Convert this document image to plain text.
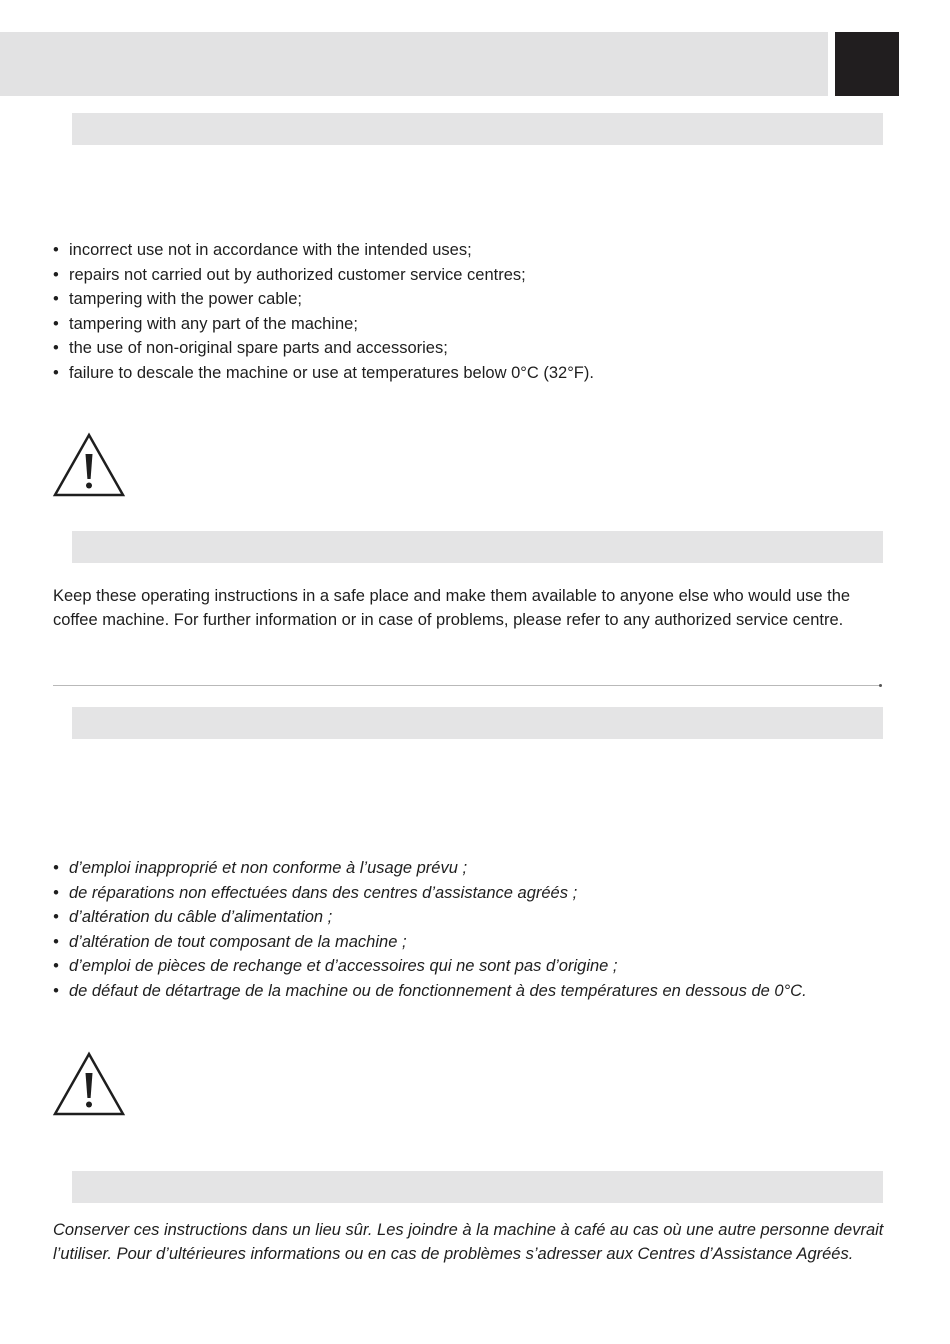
• incorrect use not in accordance with the intended uses;
• repairs not carried out by authorized customer service centres;
• tampering with the power cable;
• tampering with any part of the machine;
• the use of non-original spare parts and accessories;
• failure to descale the machine or use at temperatures below 0°C (32°F).

Keep these operating instructions in a safe place and make them available to anyone else who would use the coffee machine. For further information or in case of problems, please refer to any authorized service centre.

• d’emploi inapproprié et non conforme à l’usage prévu ;
• de réparations non effectuées dans des centres d’assistance agréés ;
• d’altération du câble d’alimentation ;
• d’altération de tout composant de la machine ;
• d’emploi de pièces de rechange et d’accessoires qui ne sont pas d’origine ;
• de défaut de détartrage de la machine ou de fonctionnement à des températures en dessous de 0°C.

Conserver ces instructions dans un lieu sûr. Les joindre à la machine à café au cas où une autre personne devrait l’utiliser. Pour d’ultérieures informations ou en cas de problèmes s’adresser aux Centres d’Assistance Agréés.
